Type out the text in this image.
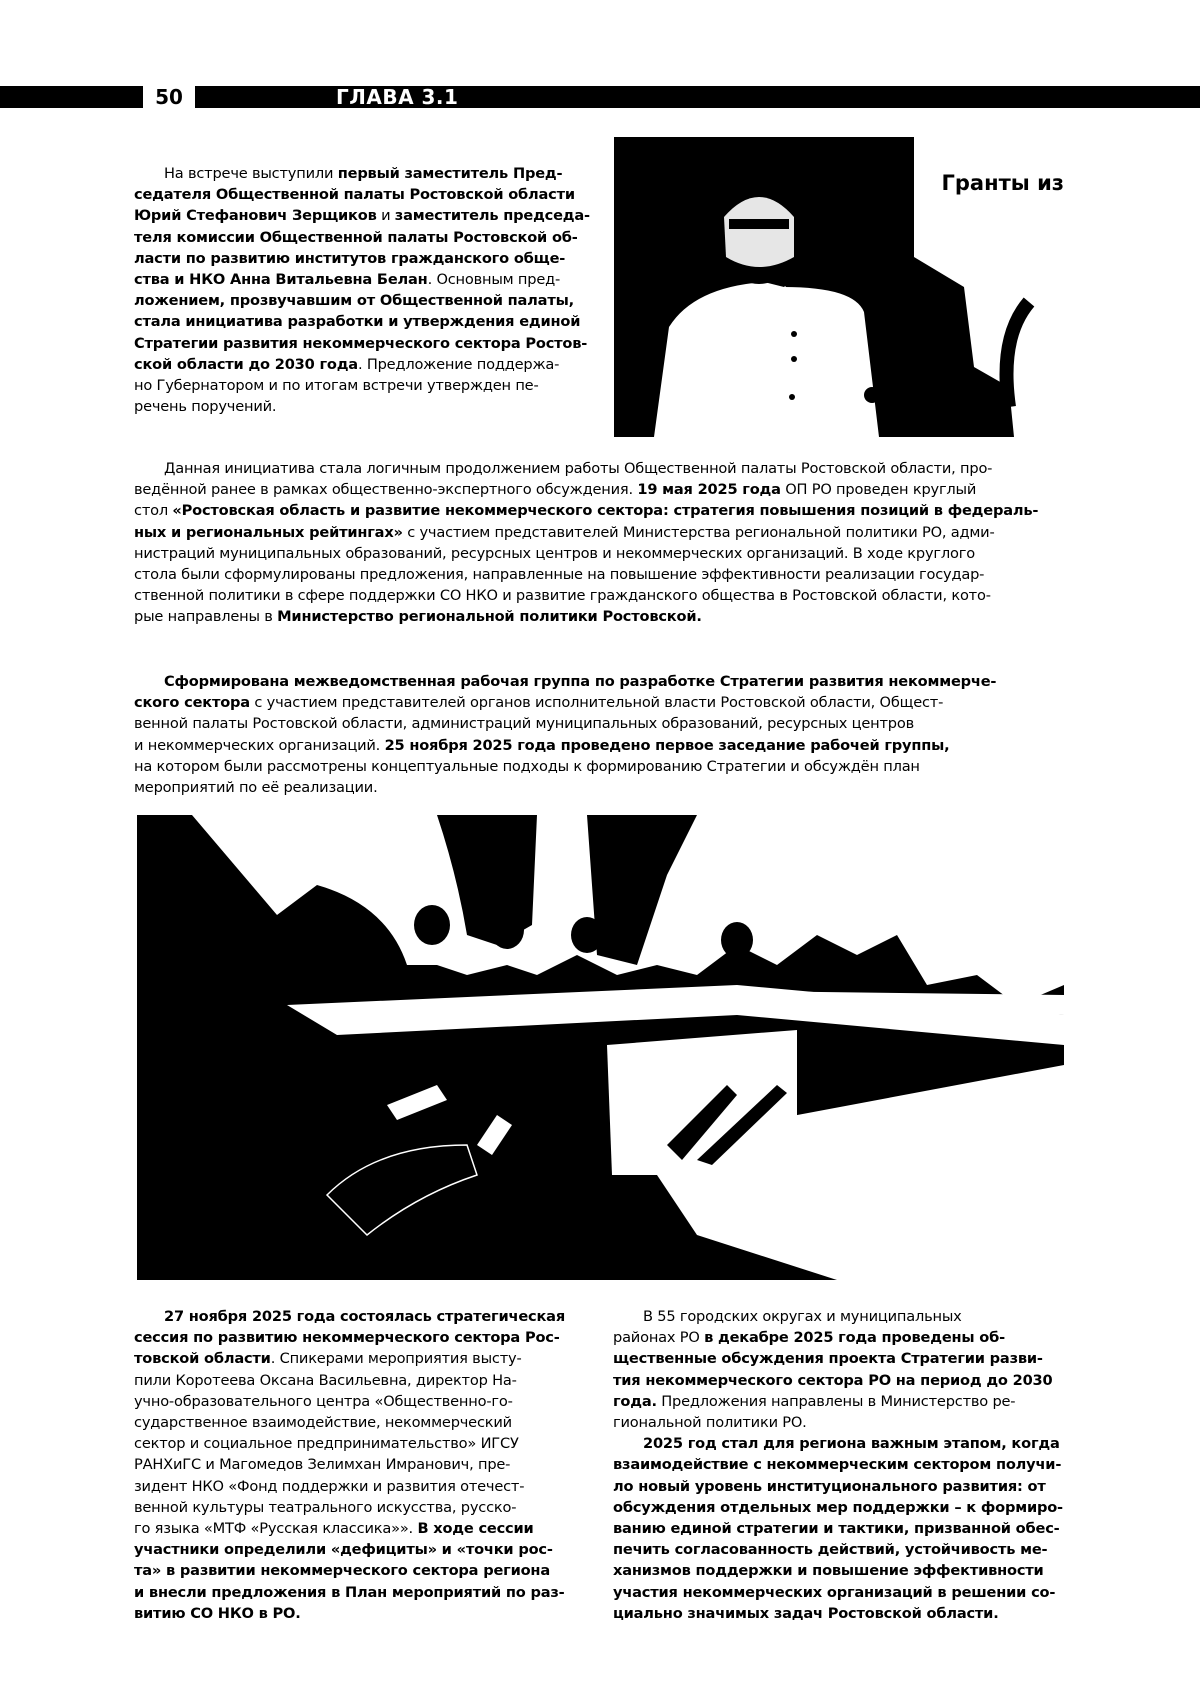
50	ГЛАВА 3.1
На встрече выступили первый заместитель Пред-
седателя Общественной палаты Ростовской области
Юрий Стефанович Зерщиков и заместитель председа-
теля комиссии Общественной палаты Ростовской об-
ласти по развитию институтов гражданского обще-
ства и НКО Анна Витальевна Белан. Основным пред-
ложением, прозвучавшим от Общественной палаты,
стала инициатива разработки и утверждения единой
Стратегии развития некоммерческого сектора Ростов-
ской области до 2030 года. Предложение поддержа-
но Губернатором и по итогам встречи утвержден пе-
речень поручений.
Гранты из
8,7
Данная инициатива стала логичным продолжением работы Общественной палаты Ростовской области, про-
ведённой ранее в рамках общественно-экспертного обсуждения. 19 мая 2025 года ОП РО проведен круглый
стол «Ростовская область и развитие некоммерческого сектора: стратегия повышения позиций в федераль-
ных и региональных рейтингах» с участием представителей Министерства региональной политики РО, адми-
нистраций муниципальных образований, ресурсных центров и некоммерческих организаций. В ходе круглого
стола были сформулированы предложения, направленные на повышение эффективности реализации государ-
ственной политики в сфере поддержки СО НКО и развитие гражданского общества в Ростовской области, кото-
рые направлены в Министерство региональной политики Ростовской.
Сформирована межведомственная рабочая группа по разработке Стратегии развития некоммерче-
ского сектора с участием представителей органов исполнительной власти Ростовской области, Общест-
венной палаты Ростовской области, администраций муниципальных образований, ресурсных центров
и некоммерческих организаций. 25 ноября 2025 года проведено первое заседание рабочей группы,
на котором были рассмотрены концептуальные подходы к формированию Стратегии и обсуждён план
мероприятий по её реализации.
27 ноября 2025 года состоялась стратегическая
сессия по развитию некоммерческого сектора Рос-
товской области. Спикерами мероприятия высту-
пили Коротеева Оксана Васильевна, директор На-
учно-образовательного центра «Общественно-го-
сударственное взаимодействие, некоммерческий
сектор и социальное предпринимательство» ИГСУ
РАНХиГС и Магомедов Зелимхан Имранович, пре-
зидент НКО «Фонд поддержки и развития отечест-
венной культуры театрального искусства, русско-
го языка «МТФ «Русская классика»». В ходе сессии
участники определили «дефициты» и «точки рос-
та» в развитии некоммерческого сектора региона
и внесли предложения в План мероприятий по раз-
витию СО НКО в РО.
В 55 городских округах и муниципальных
районах РО в декабре 2025 года проведены об-
щественные обсуждения проекта Стратегии разви-
тия некоммерческого сектора РО на период до 2030
года. Предложения направлены в Министерство ре-
гиональной политики РО.
2025 год стал для региона важным этапом, когда
взаимодействие с некоммерческим сектором получи-
ло новый уровень институционального развития: от
обсуждения отдельных мер поддержки – к формиро-
ванию единой стратегии и тактики, призванной обес-
печить согласованность действий, устойчивость ме-
ханизмов поддержки и повышение эффективности
участия некоммерческих организаций в решении со-
циально значимых задач Ростовской области.
